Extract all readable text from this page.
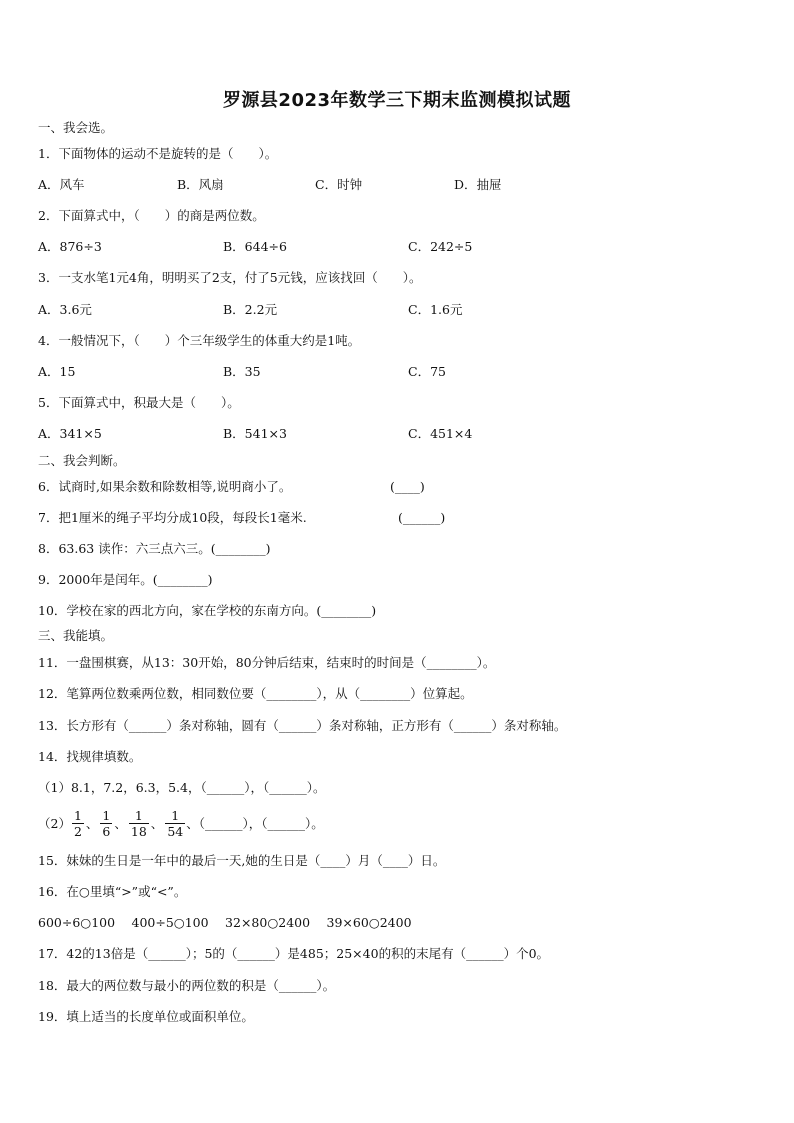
罗源县2023年数学三下期末监测模拟试题
一、我会选。
1．下面物体的运动不是旋转的是（　　）。
A．风车	B．风扇	C．时钟	D．抽屉
2．下面算式中，（　　）的商是两位数。
A．876÷3	B．644÷6	C．242÷5
3．一支水笔1元4角，明明买了2支，付了5元钱，应该找回（　　）。
A．3.6元	B．2.2元	C．1.6元
4．一般情况下，（　　）个三年级学生的体重大约是1吨。
A．15	B．35	C．75
5．下面算式中，积最大是（　　）。
A．341×5	B．541×3	C．451×4
二、我会判断。
6．试商时,如果余数和除数相等,说明商小了。	(____)
7．把1厘米的绳子平均分成10段，每段长1毫米.	(______)
8．63.63 读作：六三点六三。(________)
9．2000年是闰年。(________)
10．学校在家的西北方向，家在学校的东南方向。(________)
三、我能填。
11．一盘围棋赛，从13：30开始，80分钟后结束，结束时的时间是（________）。
12．笔算两位数乘两位数，相同数位要（________），从（________）位算起。
13．长方形有（______）条对称轴，圆有（______）条对称轴，正方形有（______）条对称轴。
14．找规律填数。
（1）8.1，7.2，6.3，5.4，（______），（______）。
$(2) \frac{1}{2}$ 、 $\frac{1}{6}$ 、 $\frac{1}{18}$ 、 $\frac{1}{54}$ 、（______），（______）。
15．妹妹的生日是一年中的最后一天,她的生日是（____）月（____）日。
16．在○里填“>”或“<”。
600÷6○100　 400÷5○100　 32×80○2400　 39×60○2400
17．42的13倍是（______）；5的（______）是485；25×40的积的末尾有（______）个0。
18．最大的两位数与最小的两位数的积是（______）。
19．填上适当的长度单位或面积单位。
